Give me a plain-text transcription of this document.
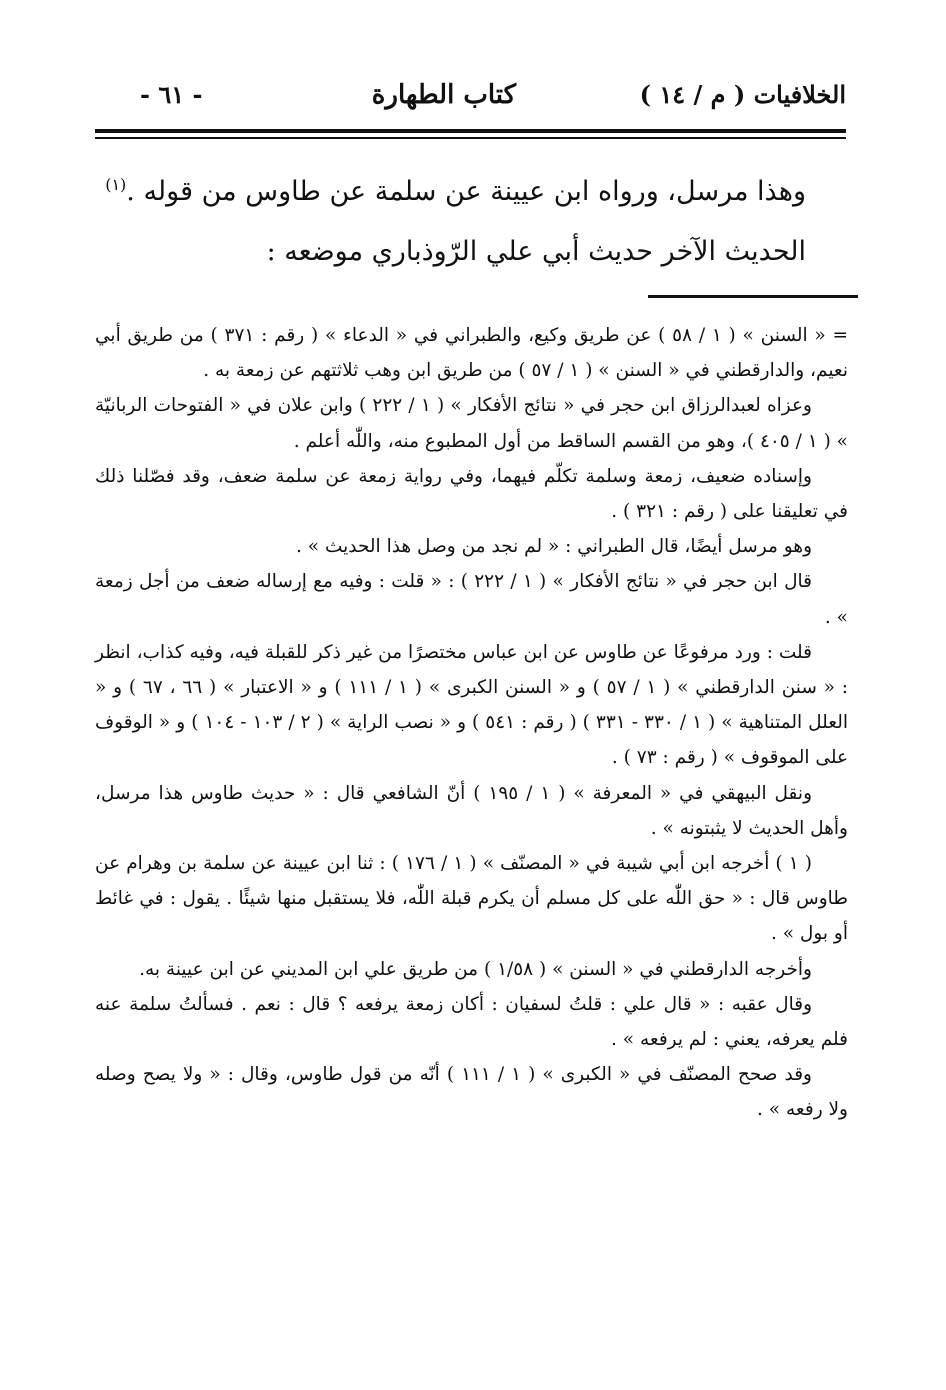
الخلافيات ( م / ١٤ )
كتاب الطهارة
- ٦١ -

وهذا مرسل، ورواه ابن عيينة عن سلمة عن طاوس من قوله .$^{(١)}$

الحديث الآخر حديث أبي علي الرّوذباري موضعه :

= « السنن » ( ١ / ٥٨ ) عن طريق وكيع، والطبراني في « الدعاء » ( رقم : ٣٧١ ) من طريق أبي نعيم، والدارقطني في « السنن » ( ١ / ٥٧ ) من طريق ابن وهب ثلاثتهم عن زمعة به .

وعزاه لعبدالرزاق ابن حجر في « نتائج الأفكار » ( ١ / ٢٢٢ ) وابن علان في « الفتوحات الربانيّة » ( ١ / ٤٠٥ )، وهو من القسم الساقط من أول المطبوع منه، واللّٰه أعلم .

وإسناده ضعيف، زمعة وسلمة تكلّم فيهما، وفي رواية زمعة عن سلمة ضعف، وقد فصّلنا ذلك في تعليقنا على ( رقم : ٣٢١ ) .

وهو مرسل أيضًا، قال الطبراني : « لم نجد من وصل هذا الحديث » .

قال ابن حجر في « نتائج الأفكار » ( ١ / ٢٢٢ ) : « قلت : وفيه مع إرساله ضعف من أجل زمعة » .

قلت : ورد مرفوعًا عن طاوس عن ابن عباس مختصرًا من غير ذكر للقبلة فيه، وفيه كذاب، انظر : « سنن الدارقطني » ( ١ / ٥٧ ) و « السنن الكبرى » ( ١ / ١١١ ) و « الاعتبار » ( ٦٦ ، ٦٧ ) و « العلل المتناهية » ( ١ / ٣٣٠ - ٣٣١ ) ( رقم : ٥٤١ ) و « نصب الراية » ( ٢ / ١٠٣ - ١٠٤ ) و « الوقوف على الموقوف » ( رقم : ٧٣ ) .

ونقل البيهقي في « المعرفة » ( ١ / ١٩٥ ) أنّ الشافعي قال : « حديث طاوس هذا مرسل، وأهل الحديث لا يثبتونه » .

( ١ ) أخرجه ابن أبي شيبة في « المصنّف » ( ١ / ١٧٦ ) : ثنا ابن عيينة عن سلمة بن وهرام عن طاوس قال : « حق اللّٰه على كل مسلم أن يكرم قبلة اللّٰه، فلا يستقبل منها شيئًا . يقول : في غائط أو بول » .

وأخرجه الدارقطني في « السنن » ( ١/٥٨ ) من طريق علي ابن المديني عن ابن عيينة به.

وقال عقبه : « قال علي : قلتُ لسفيان : أكان زمعة يرفعه ؟ قال : نعم . فسألتُ سلمة عنه فلم يعرفه، يعني : لم يرفعه » .

وقد صحح المصنّف في « الكبرى » ( ١ / ١١١ ) أنّه من قول طاوس، وقال : « ولا يصح وصله ولا رفعه » .
